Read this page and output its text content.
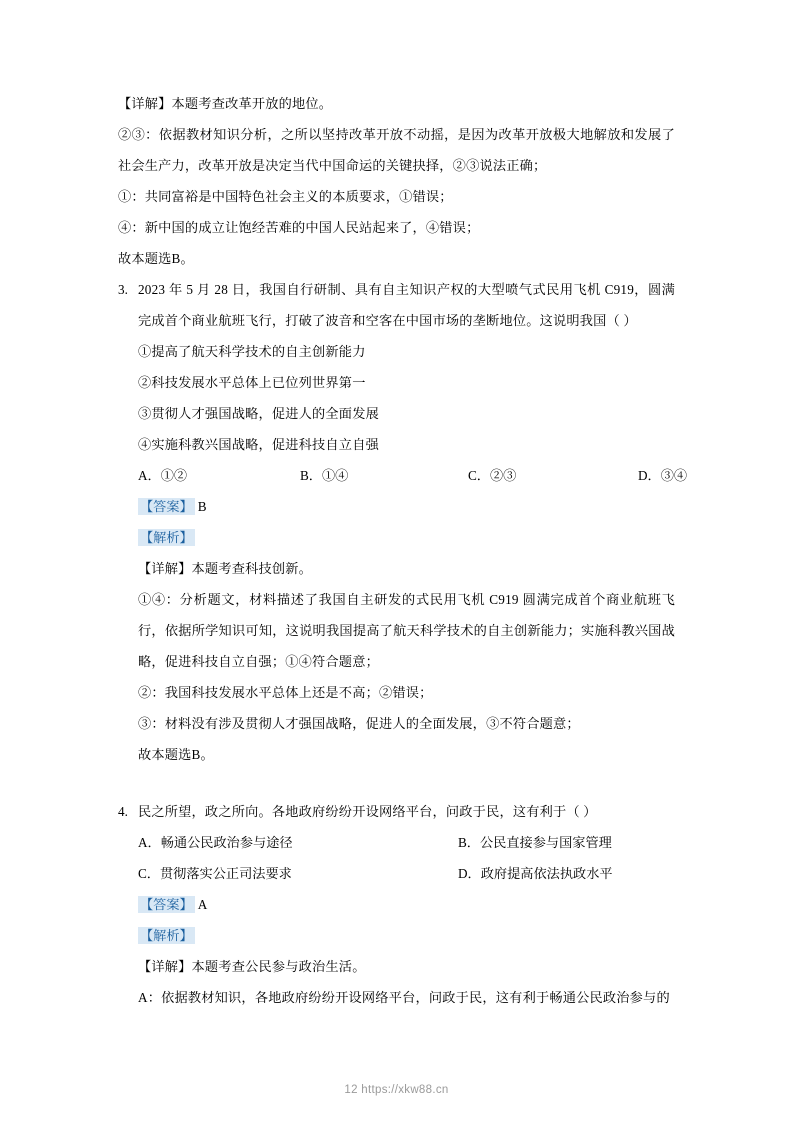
【详解】本题考查改革开放的地位。
②③：依据教材知识分析，之所以坚持改革开放不动摇，是因为改革开放极大地解放和发展了社会生产力，改革开放是决定当代中国命运的关键抉择，②③说法正确；
①：共同富裕是中国特色社会主义的本质要求，①错误；
④：新中国的成立让饱经苦难的中国人民站起来了，④错误；
故本题选B。
3. 2023 年 5 月 28 日，我国自行研制、具有自主知识产权的大型喷气式民用飞机 C919，圆满完成首个商业航班飞行，打破了波音和空客在中国市场的垄断地位。这说明我国（ ）
①提高了航天科学技术的自主创新能力
②科技发展水平总体上已位列世界第一
③贯彻人才强国战略，促进人的全面发展
④实施科教兴国战略，促进科技自立自强
A．①②	B．①④	C．②③	D．③④
【答案】 B
【解析】
【详解】本题考查科技创新。
①④：分析题文，材料描述了我国自主研发的式民用飞机 C919 圆满完成首个商业航班飞行，依据所学知识可知，这说明我国提高了航天科学技术的自主创新能力；实施科教兴国战略，促进科技自立自强；①④符合题意；
②：我国科技发展水平总体上还是不高；②错误；
③：材料没有涉及贯彻人才强国战略，促进人的全面发展，③不符合题意；
故本题选B。
4. 民之所望，政之所向。各地政府纷纷开设网络平台，问政于民，这有利于（ ）
A．畅通公民政治参与途径	B．公民直接参与国家管理
C．贯彻落实公正司法要求	D．政府提高依法执政水平
【答案】 A
【解析】
【详解】本题考查公民参与政治生活。
A：依据教材知识，各地政府纷纷开设网络平台，问政于民，这有利于畅通公民政治参与的
12 https://xkw88.cn
